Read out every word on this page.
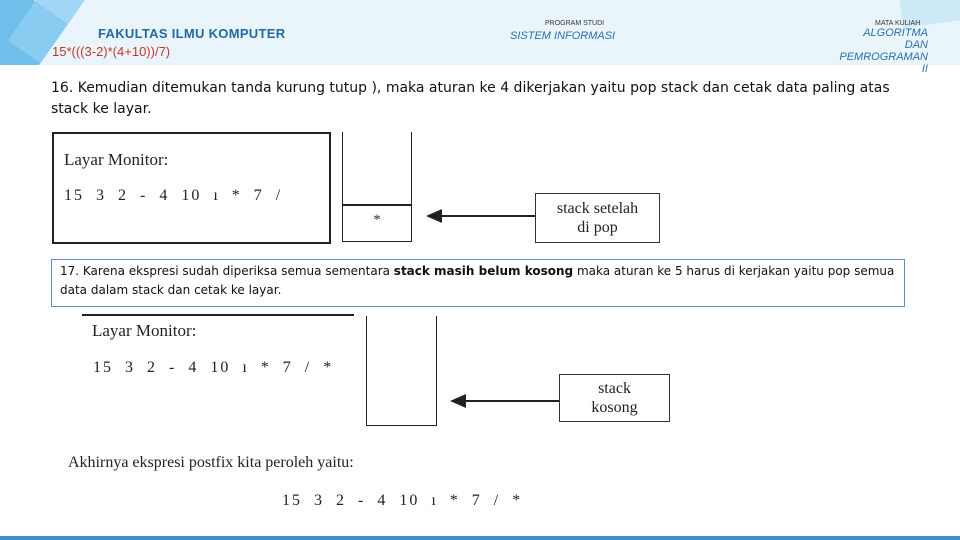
FAKULTAS ILMU KOMPUTER
PROGRAM STUDI
SISTEM INFORMASI
MATA KULIAH
ALGORITMA DAN
PEMROGRAMAN II
15*(((3-2)*(4+10))/7)
16. Kemudian ditemukan tanda kurung tutup ), maka aturan ke 4 dikerjakan yaitu pop stack dan cetak data paling atas stack ke layar.
Layar Monitor:
15  3  2  -  4  10  ı  *  7  /
*
stack setelah
di pop
17. Karena ekspresi sudah diperiksa semua sementara stack masih belum kosong maka aturan ke 5 harus di kerjakan yaitu pop semua data dalam stack dan cetak ke layar.
Layar Monitor:
15  3  2  -  4  10  ı  *  7  /  *
stack
kosong
Akhirnya ekspresi postfix kita peroleh yaitu:
15  3  2  -  4  10  ı  *  7  /  *
